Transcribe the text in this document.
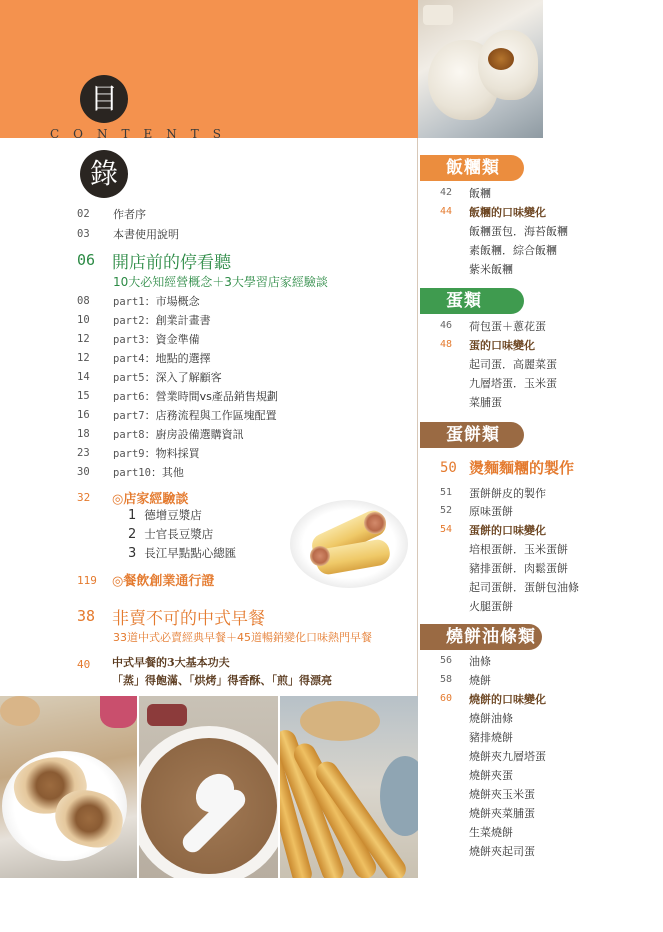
目
CONTENTS
錄
02 作者序
03 本書使用說明
06 開店前的停看聽
10大必知經營概念＋3大學習店家經驗談
08 part1：市場概念
10 part2：創業計畫書
12 part3：資金準備
12 part4：地點的選擇
14 part5：深入了解顧客
15 part6：營業時間vs產品銷售規劃
16 part7：店務流程與工作區塊配置
18 part8：廚房設備選購資訊
23 part9：物料採買
30 part10：其他
32 ◎店家經驗談
1 德增豆漿店
2 士官長豆漿店
3 長江早點點心總匯
119 ◎餐飲創業通行證
38 非賣不可的中式早餐
33道中式必賣經典早餐＋45道暢銷變化口味熱門早餐
40 中式早餐的3大基本功夫
「蒸」得飽滿、「烘烤」得香酥、「煎」得漂亮
飯糰類
42 飯糰
44 飯糰的口味變化
飯糰蛋包．海苔飯糰
素飯糰．綜合飯糰
紫米飯糰
蛋類
46 荷包蛋＋蔥花蛋
48 蛋的口味變化
起司蛋．高麗菜蛋
九層塔蛋．玉米蛋
菜脯蛋
蛋餅類
50 燙麵麵糰的製作
51 蛋餅餅皮的製作
52 原味蛋餅
54 蛋餅的口味變化
培根蛋餅．玉米蛋餅
豬排蛋餅．肉鬆蛋餅
起司蛋餅．蛋餅包油條
火腿蛋餅
燒餅油條類
56 油條
58 燒餅
60 燒餅的口味變化
燒餅油條
豬排燒餅
燒餅夾九層塔蛋
燒餅夾蛋
燒餅夾玉米蛋
燒餅夾菜脯蛋
生菜燒餅
燒餅夾起司蛋
